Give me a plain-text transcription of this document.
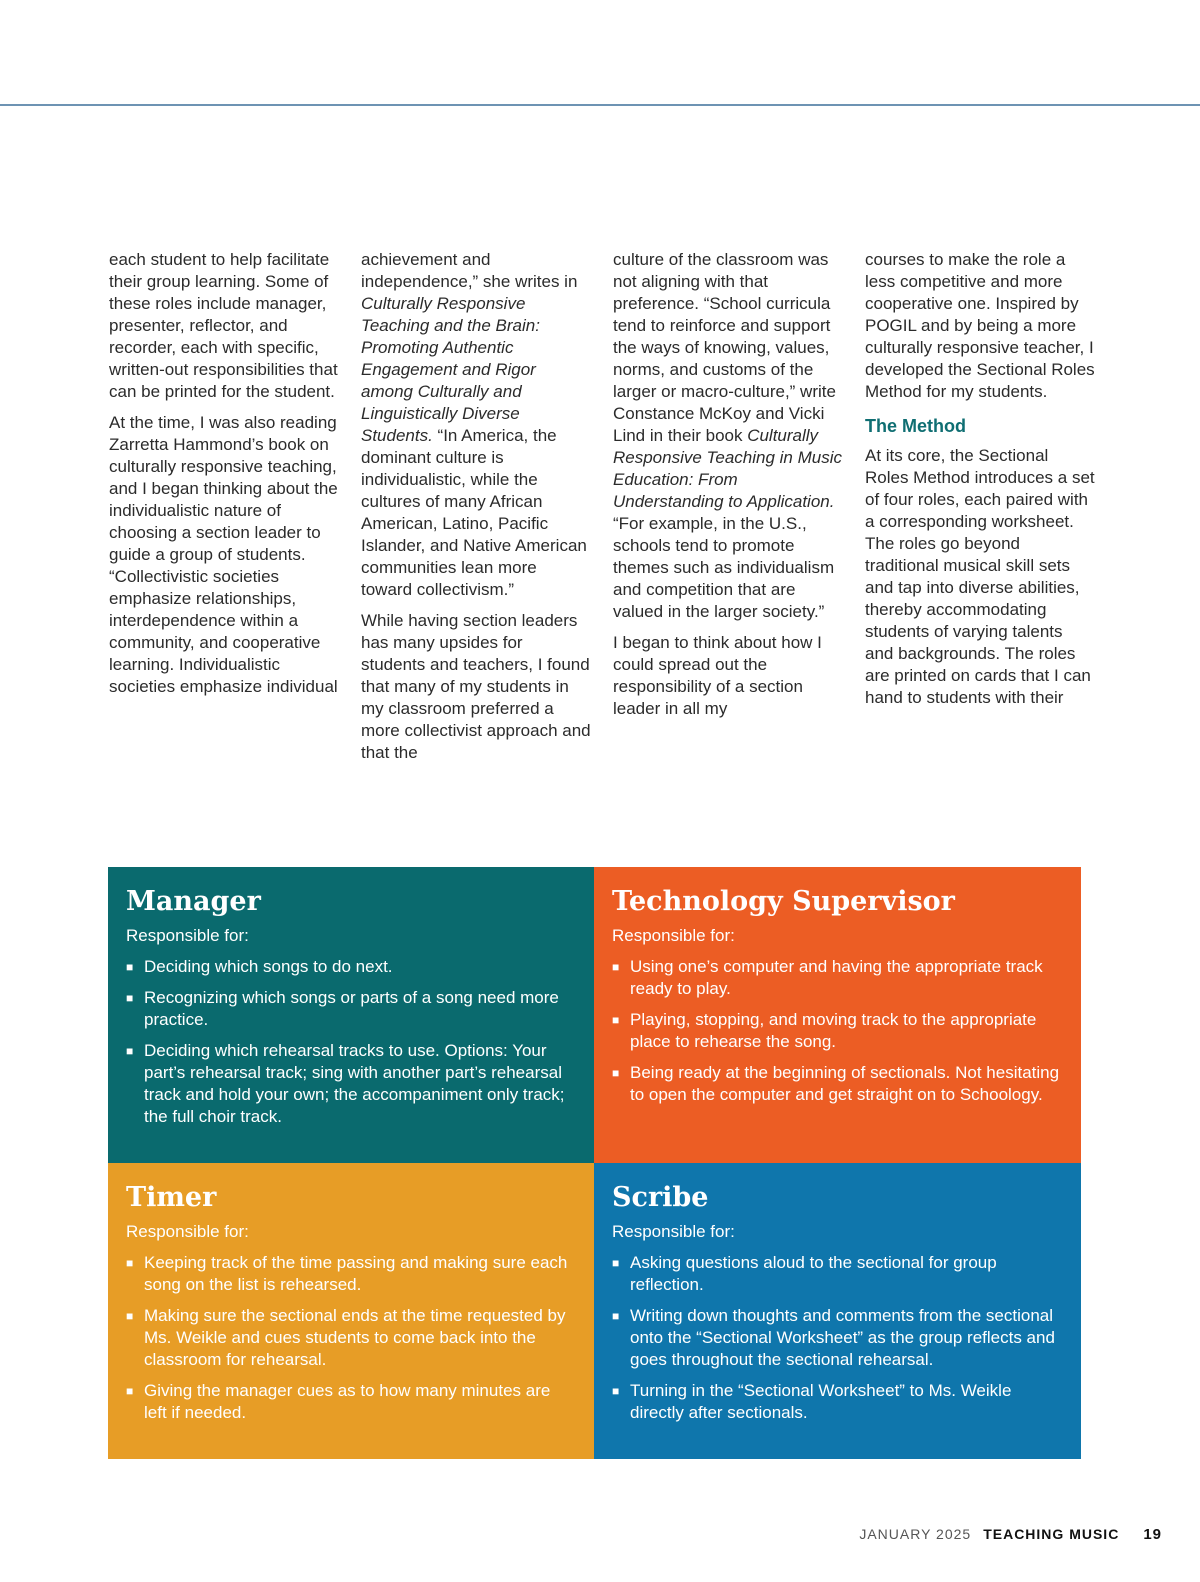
each student to help facilitate their group learning. Some of these roles include manager, presenter, reflector, and recorder, each with specific, written-out responsibilities that can be printed for the student.

At the time, I was also reading Zarretta Hammond’s book on culturally responsive teaching, and I began thinking about the individualistic nature of choosing a section leader to guide a group of students. “Collectivistic societies emphasize relationships, interdependence within a community, and cooperative learning. Individualistic societies emphasize individual

achievement and independence,” she writes in Culturally Responsive Teaching and the Brain: Promoting Authentic Engagement and Rigor among Culturally and Linguistically Diverse Students. “In America, the dominant culture is individualistic, while the cultures of many African American, Latino, Pacific Islander, and Native American communities lean more toward collectivism.”

While having section leaders has many upsides for students and teachers, I found that many of my students in my classroom preferred a more collectivist approach and that the

culture of the classroom was not aligning with that preference. “School curricula tend to reinforce and support the ways of knowing, values, norms, and customs of the larger or macro-culture,” write Constance McKoy and Vicki Lind in their book Culturally Responsive Teaching in Music Education: From Understanding to Application. “For example, in the U.S., schools tend to promote themes such as individualism and competition that are valued in the larger society.”

I began to think about how I could spread out the responsibility of a section leader in all my

courses to make the role a less competitive and more cooperative one. Inspired by POGIL and by being a more culturally responsive teacher, I developed the Sectional Roles Method for my students.

The Method

At its core, the Sectional Roles Method introduces a set of four roles, each paired with a corresponding worksheet. The roles go beyond traditional musical skill sets and tap into diverse abilities, thereby accommodating students of varying talents and backgrounds. The roles are printed on cards that I can hand to students with their

Manager
Responsible for:
■ Deciding which songs to do next.
■ Recognizing which songs or parts of a song need more practice.
■ Deciding which rehearsal tracks to use. Options: Your part’s rehearsal track; sing with another part’s rehearsal track and hold your own; the accompaniment only track; the full choir track.
Technology Supervisor
Responsible for:
■ Using one’s computer and having the appropriate track ready to play.
■ Playing, stopping, and moving track to the appropriate place to rehearse the song.
■ Being ready at the beginning of sectionals. Not hesitating to open the computer and get straight on to Schoology.
Timer
Responsible for:
■ Keeping track of the time passing and making sure each song on the list is rehearsed.
■ Making sure the sectional ends at the time requested by Ms. Weikle and cues students to come back into the classroom for rehearsal.
■ Giving the manager cues as to how many minutes are left if needed.
Scribe
Responsible for:
■ Asking questions aloud to the sectional for group reflection.
■ Writing down thoughts and comments from the sectional onto the “Sectional Worksheet” as the group reflects and goes throughout the sectional rehearsal.
■ Turning in the “Sectional Worksheet” to Ms. Weikle directly after sectionals.
JANUARY 2025 TEACHING MUSIC 19
